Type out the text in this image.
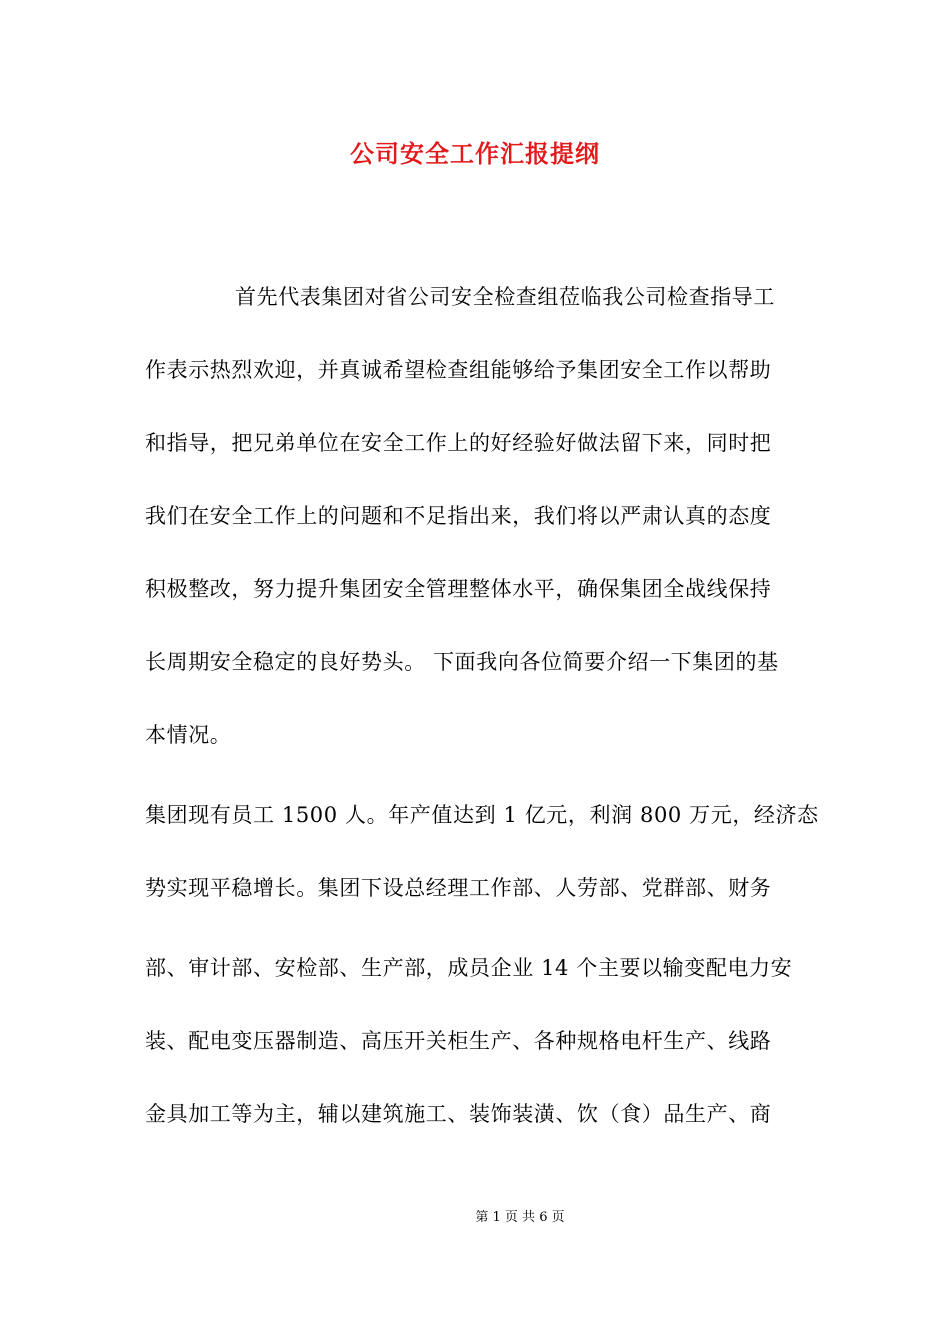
公司安全工作汇报提纲
首先代表集团对省公司安全检查组莅临我公司检查指导工
作表示热烈欢迎，并真诚希望检查组能够给予集团安全工作以帮助
和指导，把兄弟单位在安全工作上的好经验好做法留下来，同时把
我们在安全工作上的问题和不足指出来，我们将以严肃认真的态度
积极整改，努力提升集团安全管理整体水平，确保集团全战线保持
长周期安全稳定的良好势头。 下面我向各位简要介绍一下集团的基
本情况。
集团现有员工 1500 人。年产值达到 1 亿元，利润 800 万元，经济态
势实现平稳增长。集团下设总经理工作部、人劳部、党群部、财务
部、审计部、安检部、生产部，成员企业 14 个主要以输变配电力安
装、配电变压器制造、高压开关柜生产、各种规格电杆生产、线路
金具加工等为主，辅以建筑施工、装饰装潢、饮（食）品生产、商
第 1 页 共 6 页
